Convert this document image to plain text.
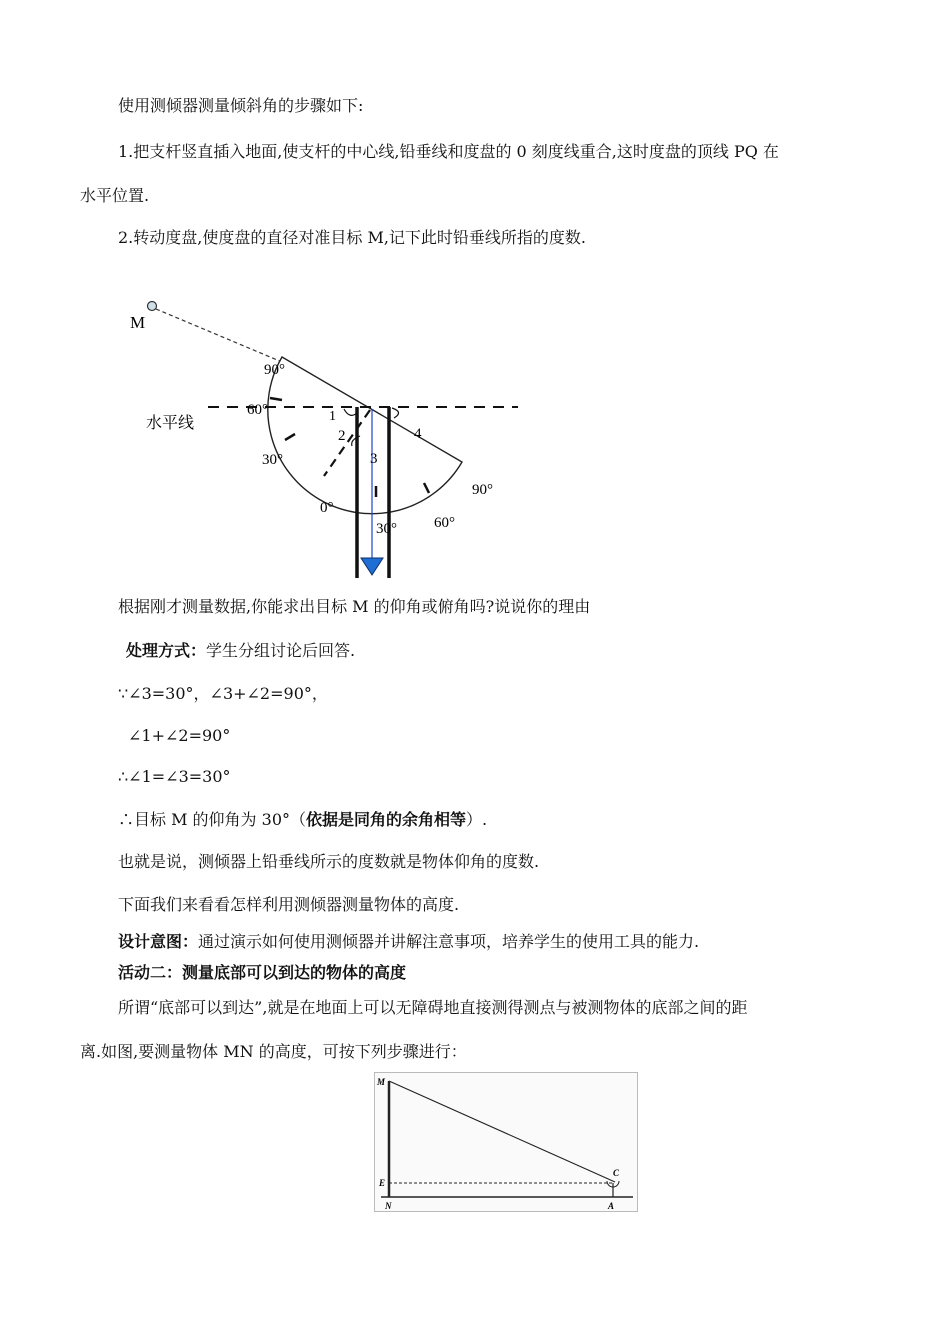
使用测倾器测量倾斜角的步骤如下:
1.把支杆竖直插入地面,使支杆的中心线,铅垂线和度盘的 0 刻度线重合,这时度盘的顶线 PQ 在
水平位置.
2.转动度盘,使度盘的直径对准目标 M,记下此时铅垂线所指的度数.
M
水平线
90°
60°
30°
0°
30° 60°
90°
1
2
3
4
根据刚才测量数据,你能求出目标 M 的仰角或俯角吗?说说你的理由
处理方式：学生分组讨论后回答.
∵∠3=30°，∠3+∠2=90°，
∠1+∠2=90°
∴∠1=∠3=30°
∴目标 M 的仰角为 30°（依据是同角的余角相等）.
也就是说，测倾器上铅垂线所示的度数就是物体仰角的度数.
下面我们来看看怎样利用测倾器测量物体的高度.
设计意图：通过演示如何使用测倾器并讲解注意事项，培养学生的使用工具的能力.
活动二：测量底部可以到达的物体的高度
所谓“底部可以到达”,就是在地面上可以无障碍地直接测得测点与被测物体的底部之间的距
离.如图,要测量物体 MN 的高度，可按下列步骤进行：
M
E
N
C
A
